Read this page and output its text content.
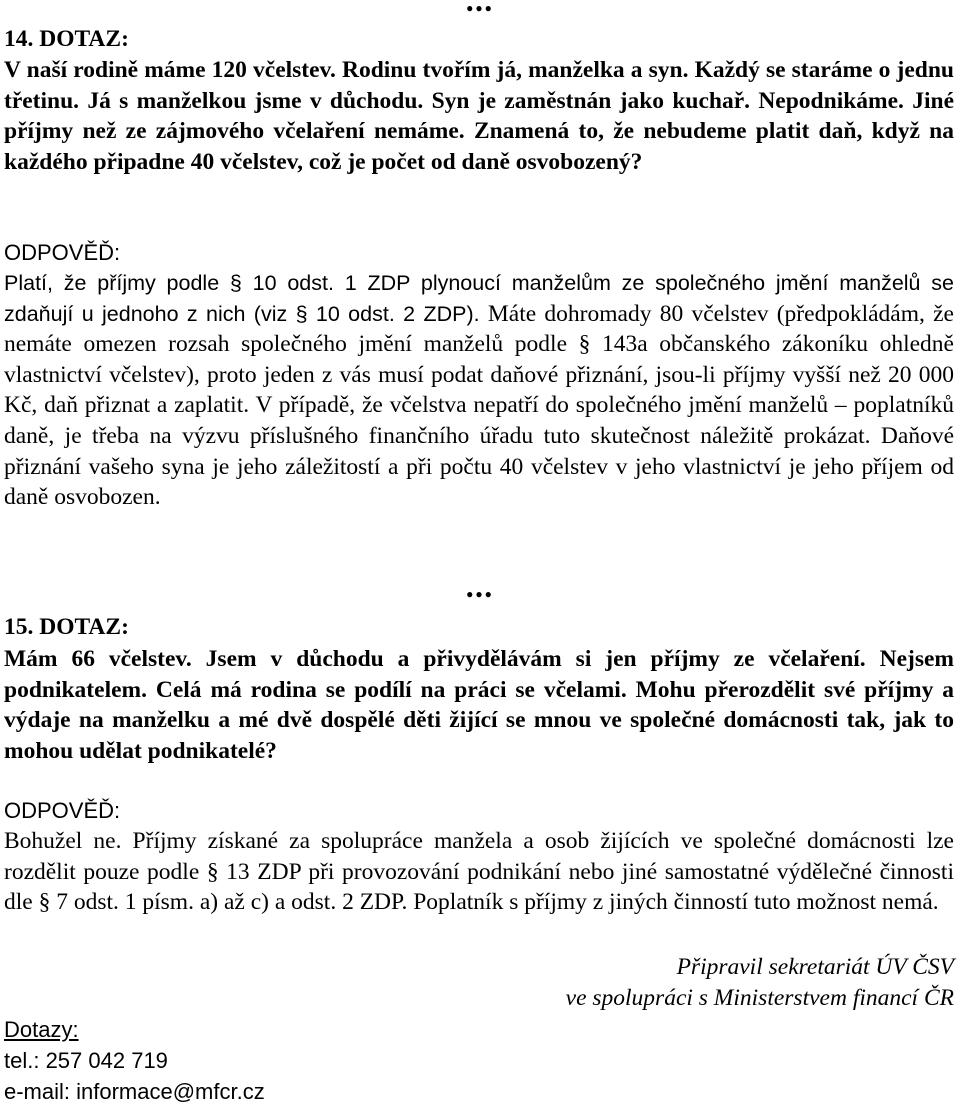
●●●
14. DOTAZ:

V naší rodině máme 120 včelstev. Rodinu tvořím já, manželka a syn. Každý se staráme o jednu třetinu. Já s manželkou jsme v důchodu. Syn je zaměstnán jako kuchař. Nepodnikáme. Jiné příjmy než ze zájmového včelaření nemáme. Znamená to, že nebudeme platit daň, když na každého připadne 40 včelstev, což je počet od daně osvobozený?

ODPOVĚĎ:

Platí, že příjmy podle § 10 odst. 1 ZDP plynoucí manželům ze společného jmění manželů se zdaňují u jednoho z nich (viz § 10 odst. 2 ZDP). Máte dohromady 80 včelstev (předpokládám, že nemáte omezen rozsah společného jmění manželů podle § 143a občanského zákoníku ohledně vlastnictví včelstev), proto jeden z vás musí podat daňové přiznání, jsou-li příjmy vyšší než 20 000 Kč, daň přiznat a zaplatit. V případě, že včelstva nepatří do společného jmění manželů – poplatníků daně, je třeba na výzvu příslušného finančního úřadu tuto skutečnost náležitě prokázat. Daňové přiznání vašeho syna je jeho záležitostí a při počtu 40 včelstev v jeho vlastnictví je jeho příjem od daně osvobozen.

●●●
15. DOTAZ:

Mám 66 včelstev. Jsem v důchodu a přivydělávám si jen příjmy ze včelaření. Nejsem podnikatelem. Celá má rodina se podílí na práci se včelami. Mohu přerozdělit své příjmy a výdaje na manželku a mé dvě dospělé děti žijící se mnou ve společné domácnosti tak, jak to mohou udělat podnikatelé?

ODPOVĚĎ:

Bohužel ne. Příjmy získané za spolupráce manžela a osob žijících ve společné domácnosti lze rozdělit pouze podle § 13 ZDP při provozování podnikání nebo jiné samostatné výdělečné činnosti dle § 7 odst. 1 písm. a) až c) a odst. 2 ZDP. Poplatník s příjmy z jiných činností tuto možnost nemá.

Připravil sekretariát ÚV ČSV
ve spolupráci s Ministerstvem financí ČR
Dotazy:
tel.: 257 042 719
e-mail: informace@mfcr.cz
